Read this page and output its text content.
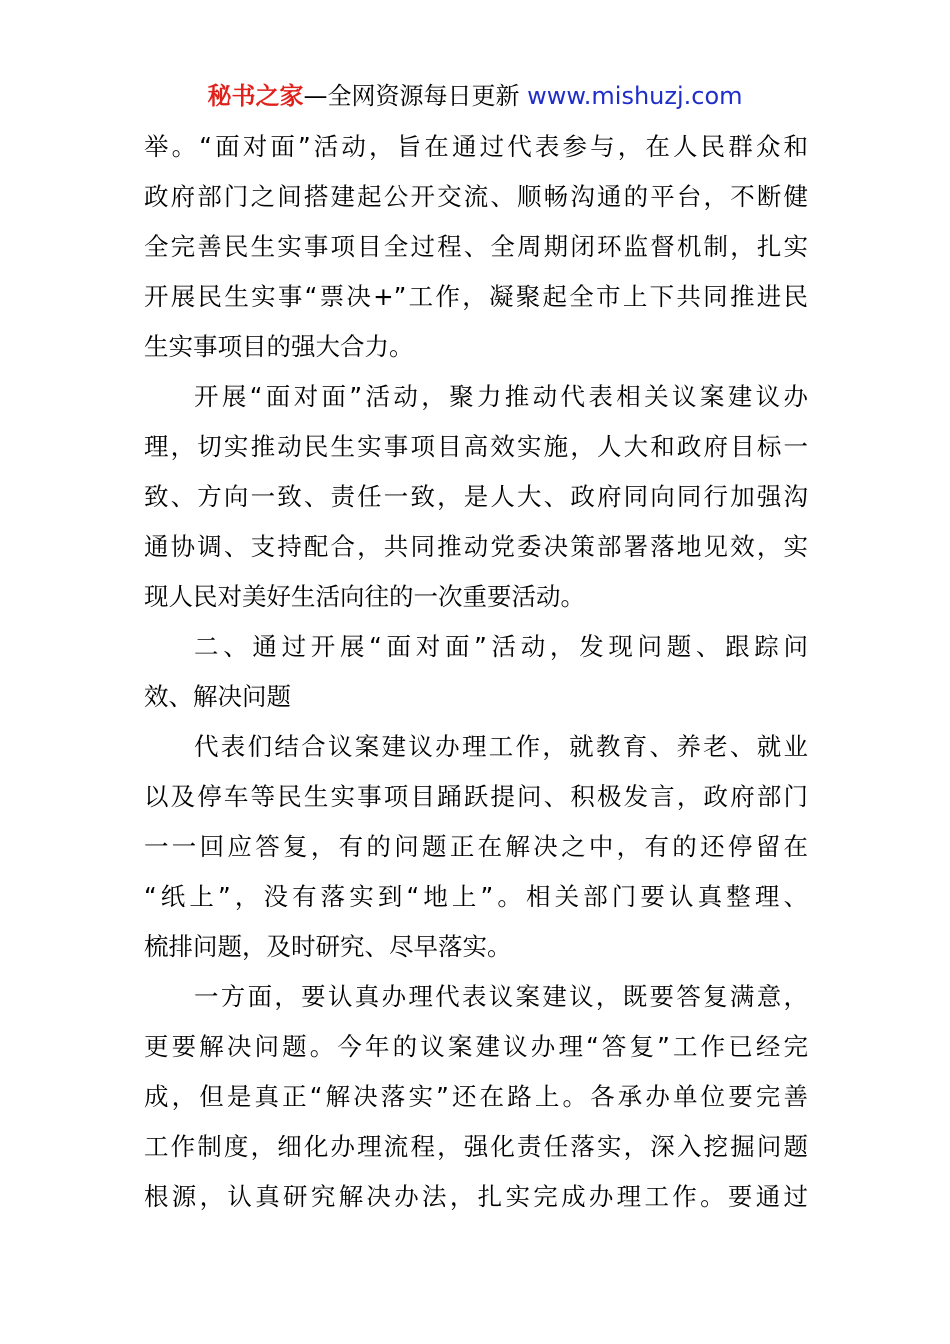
秘书之家—全网资源每日更新 www.mishuzj.com
举。“面对面”活动，旨在通过代表参与，在人民群众和
政府部门之间搭建起公开交流、顺畅沟通的平台，不断健
全完善民生实事项目全过程、全周期闭环监督机制，扎实
开展民生实事“票决+”工作，凝聚起全市上下共同推进民
生实事项目的强大合力。
开展“面对面”活动，聚力推动代表相关议案建议办
理，切实推动民生实事项目高效实施，人大和政府目标一
致、方向一致、责任一致，是人大、政府同向同行加强沟
通协调、支持配合，共同推动党委决策部署落地见效，实
现人民对美好生活向往的一次重要活动。
二、通过开展“面对面”活动，发现问题、跟踪问
效、解决问题
代表们结合议案建议办理工作，就教育、养老、就业
以及停车等民生实事项目踊跃提问、积极发言，政府部门
一一回应答复，有的问题正在解决之中，有的还停留在
“纸上”，没有落实到“地上”。相关部门要认真整理、
梳排问题，及时研究、尽早落实。
一方面，要认真办理代表议案建议，既要答复满意，
更要解决问题。今年的议案建议办理“答复”工作已经完
成，但是真正“解决落实”还在路上。各承办单位要完善
工作制度，细化办理流程，强化责任落实，深入挖掘问题
根源，认真研究解决办法，扎实完成办理工作。要通过
